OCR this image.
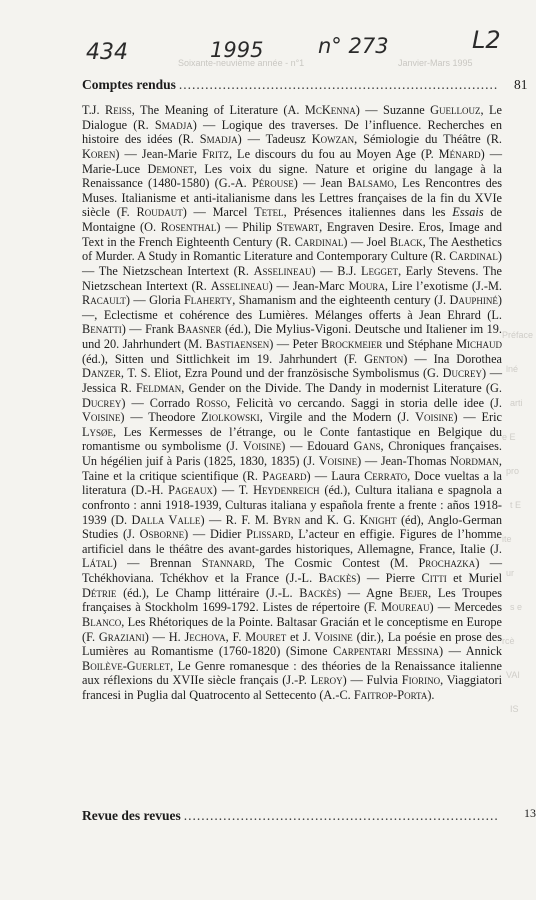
Soixante-neuvième année - n°1	Janvier-Mars 1995
Préface
lné
arti
e E
pro
t E
ite
ur
s e
rcè
VAI
IS
434	1995	n° 273	L2
Comptes rendus .....	81
T.J. Reiss, The Meaning of Literature (A. McKenna) — Suzanne Guellouz, Le Dialogue (R. Smadja) — Logique des traverses. De l’influence. Recherches en histoire des idées (R. Smadja) — Tadeusz Kowzan, Sémiologie du Théâtre (R. Koren) — Jean-Marie Fritz, Le discours du fou au Moyen Age (P. Ménard) — Marie-Luce Demonet, Les voix du signe. Nature et origine du langage à la Renaissance (1480-1580) (G.-A. Pérouse) — Jean Balsamo, Les Rencontres des Muses. Italianisme et anti-italianisme dans les Lettres françaises de la fin du XVIe siècle (F. Roudaut) — Marcel Tetel, Présences italiennes dans les Essais de Montaigne (O. Rosenthal) — Philip Stewart, Engraven Desire. Eros, Image and Text in the French Eighteenth Century (R. Cardinal) — Joel Black, The Aesthetics of Murder. A Study in Romantic Literature and Contemporary Culture (R. Cardinal) — The Nietzschean Intertext (R. Asselineau) — B.J. Legget, Early Stevens. The Nietzschean Intertext (R. Asselineau) — Jean-Marc Moura, Lire l’exotisme (J.-M. Racault) — Gloria Flaherty, Shamanism and the eighteenth century (J. Dauphiné) —, Eclectisme et cohérence des Lumières. Mélanges offerts à Jean Ehrard (L. Benatti) — Frank Baasner (éd.), Die Mylius-Vigoni. Deutsche und Italiener im 19. und 20. Jahrhundert (M. Bastiaensen) — Peter Brockmeier und Stéphane Michaud (éd.), Sitten und Sittlichkeit im 19. Jahrhundert (F. Genton) — Ina Dorothea Danzer, T. S. Eliot, Ezra Pound und der französische Symbolismus (G. Ducrey) — Jessica R. Feldman, Gender on the Divide. The Dandy in modernist Literature (G. Ducrey) — Corrado Rosso, Felicità vo cercando. Saggi in storia delle idee (J. Voisine) — Theodore Ziolkowski, Virgile and the Modern (J. Voisine) — Eric Lysøe, Les Kermesses de l’étrange, ou le Conte fantastique en Belgique du romantisme ou symbolisme (J. Voisine) — Edouard Gans, Chroniques françaises. Un hégélien juif à Paris (1825, 1830, 1835) (J. Voisine) — Jean-Thomas Nordman, Taine et la critique scientifique (R. Pageard) — Laura Cerrato, Doce vueltas a la literatura (D.-H. Pageaux) — T. Heydenreich (éd.), Cultura italiana e spagnola a confronto : anni 1918-1939, Culturas italiana y española frente a frente : años 1918-1939 (D. Dalla Valle) — R. F. M. Byrn and K. G. Knight (éd), Anglo-German Studies (J. Osborne) — Didier Plissard, L’acteur en effigie. Figures de l’homme artificiel dans le théâtre des avant-gardes historiques, Allemagne, France, Italie (J. Látal) — Brennan Stannard, The Cosmic Contest (M. Prochazka) — Tchékhoviana. Tchékhov et la France (J.-L. Backès) — Pierre Citti et Muriel Détrie (éd.), Le Champ littéraire (J.-L. Backès) — Agne Bejer, Les Troupes françaises à Stockholm 1699-1792. Listes de répertoire (F. Moureau) — Mercedes Blanco, Les Rhétoriques de la Pointe. Baltasar Gracián et le conceptisme en Europe (F. Graziani) — H. Jechova, F. Mouret et J. Voisine (dir.), La poésie en prose des Lumières au Romantisme (1760-1820) (Simone Carpentari Messina) — Annick Boilève-Guerlet, Le Genre romanesque : des théories de la Renaissance italienne aux réflexions du XVIIe siècle français (J.-P. Leroy) — Fulvia Fiorino, Viaggiatori francesi in Puglia dal Quatrocento al Settecento (A.-C. Faitrop-Porta).
Revue des revues .....	13
